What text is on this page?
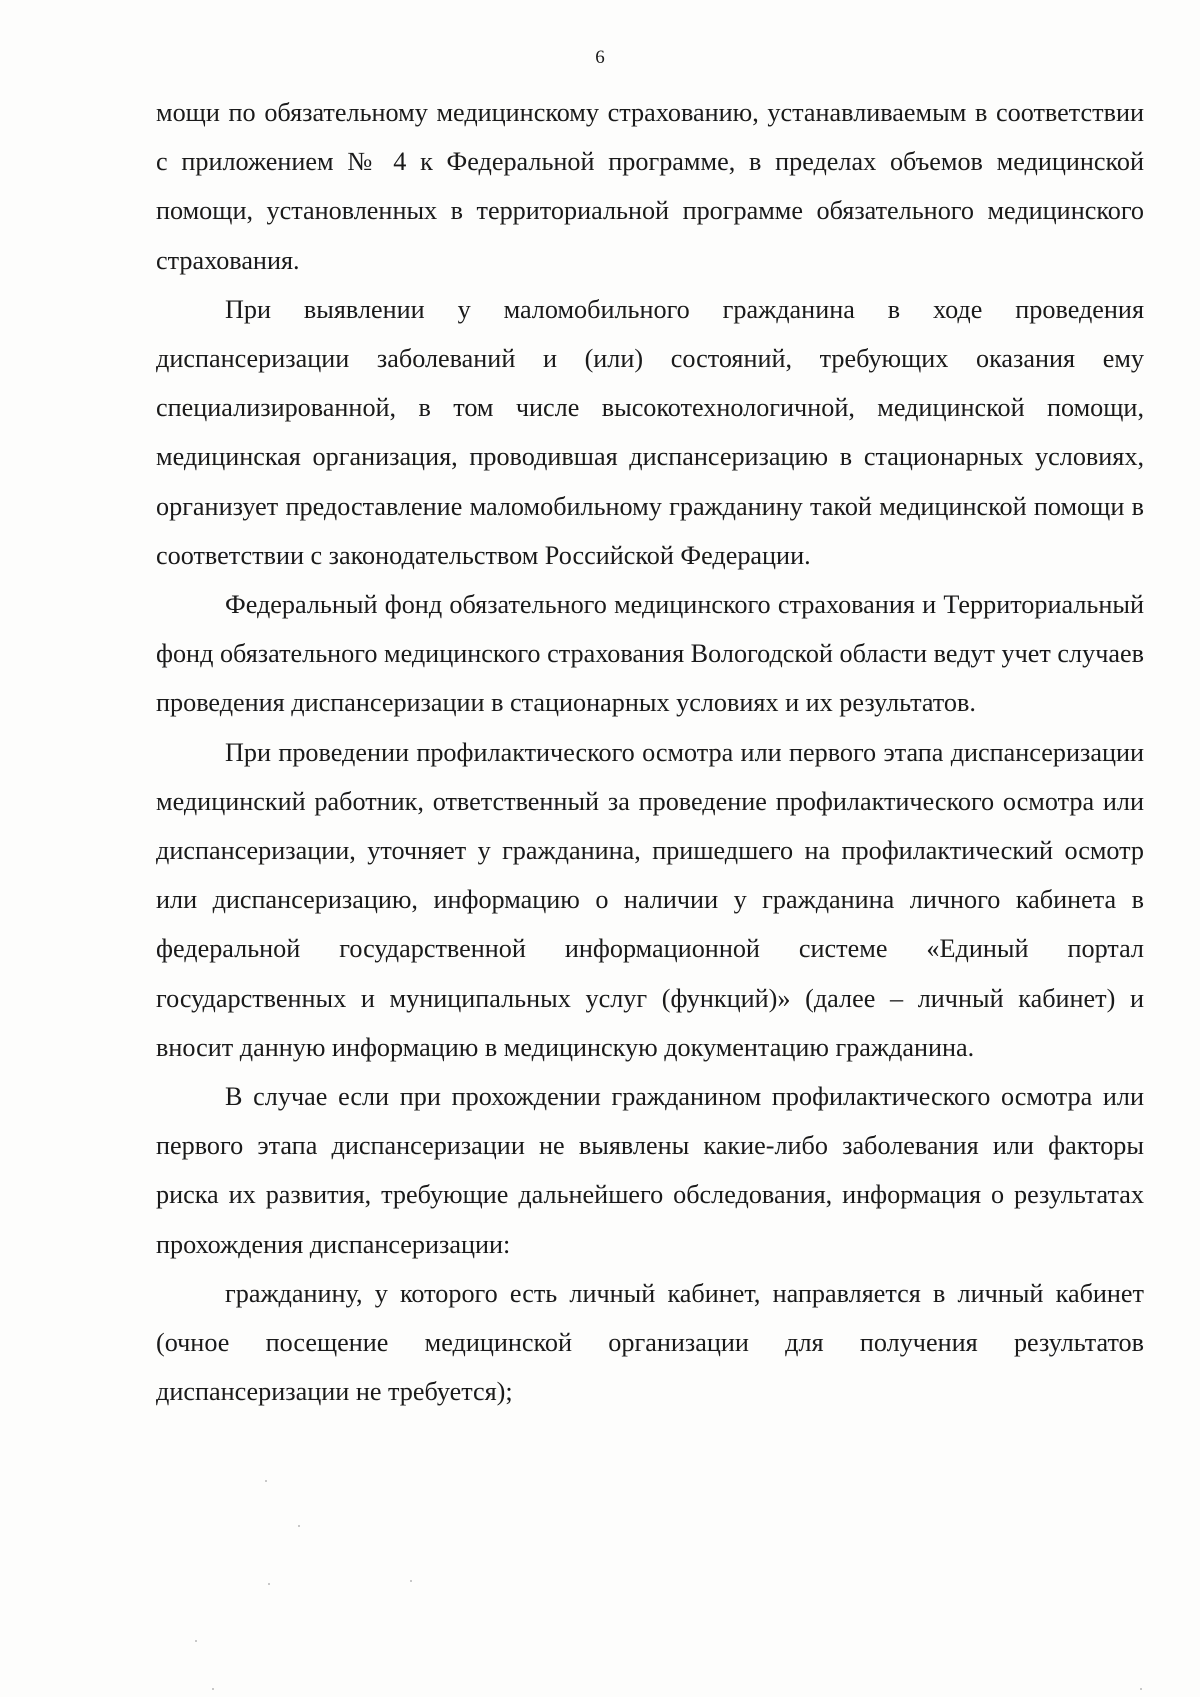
6

мощи по обязательному медицинскому страхованию, устанавливаемым в соответствии с приложением № 4 к Федеральной программе, в пределах объемов медицинской помощи, установленных в территориальной программе обязательного медицинского страхования.

При выявлении у маломобильного гражданина в ходе проведения диспансеризации заболеваний и (или) состояний, требующих оказания ему специализированной, в том числе высокотехнологичной, медицинской помощи, медицинская организация, проводившая диспансеризацию в стационарных условиях, организует предоставление маломобильному гражданину такой медицинской помощи в соответствии с законодательством Российской Федерации.

Федеральный фонд обязательного медицинского страхования и Территориальный фонд обязательного медицинского страхования Вологодской области ведут учет случаев проведения диспансеризации в стационарных условиях и их результатов.

При проведении профилактического осмотра или первого этапа диспансеризации медицинский работник, ответственный за проведение профилактического осмотра или диспансеризации, уточняет у гражданина, пришедшего на профилактический осмотр или диспансеризацию, информацию о наличии у гражданина личного кабинета в федеральной государственной информационной системе «Единый портал государственных и муниципальных услуг (функций)» (далее – личный кабинет) и вносит данную информацию в медицинскую документацию гражданина.

В случае если при прохождении гражданином профилактического осмотра или первого этапа диспансеризации не выявлены какие-либо заболевания или факторы риска их развития, требующие дальнейшего обследования, информация о результатах прохождения диспансеризации:

гражданину, у которого есть личный кабинет, направляется в личный кабинет (очное посещение медицинской организации для получения результатов диспансеризации не требуется);
